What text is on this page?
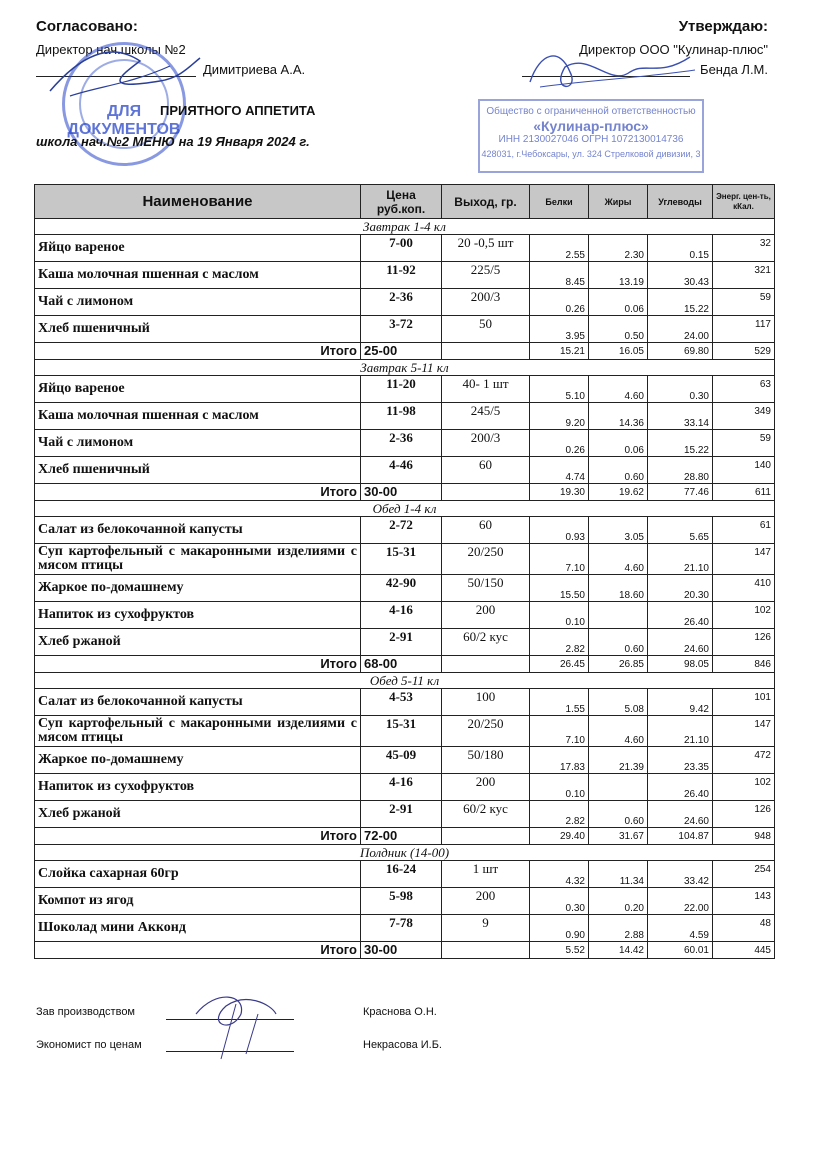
Согласовано:
Директор нач.школы №2
Димитриева А.А.
Утверждаю:
Директор ООО "Кулинар-плюс"
Бенда Л.М.
ДЛЯ ДОКУМЕНТОВ
ПРИЯТНОГО АППЕТИТА
школа нач.№2 МЕНЮ на 19 Января 2024 г.
Общество с ограниченной ответственностью
«Кулинар-плюс»
ИНН 2130027046 ОГРН 1072130014736
428031, г.Чебоксары, ул. 324 Стрелковой дивизии, 3
Наименование	Цена руб.коп.	Выход, гр.	Белки	Жиры	Углеводы	Энерг. цен-ть, кКал.
Завтрак 1-4 кл						
Яйцо вареное	7-00	20 -0,5 шт	2.55	2.30	0.15	32
Каша молочная пшенная с маслом	11-92	225/5	8.45	13.19	30.43	321
Чай с лимоном	2-36	200/3	0.26	0.06	15.22	59
Хлеб пшеничный	3-72	50	3.95	0.50	24.00	117
Итого	25-00		15.21	16.05	69.80	529
Завтрак 5-11 кл						
Яйцо вареное	11-20	40- 1 шт	5.10	4.60	0.30	63
Каша молочная пшенная с маслом	11-98	245/5	9.20	14.36	33.14	349
Чай с лимоном	2-36	200/3	0.26	0.06	15.22	59
Хлеб пшеничный	4-46	60	4.74	0.60	28.80	140
Итого	30-00		19.30	19.62	77.46	611
Обед 1-4 кл						
Салат из белокочанной капусты	2-72	60	0.93	3.05	5.65	61
Суп картофельный с макаронными изделиями с мясом птицы	15-31	20/250	7.10	4.60	21.10	147
Жаркое по-домашнему	42-90	50/150	15.50	18.60	20.30	410
Напиток из сухофруктов	4-16	200	0.10		26.40	102
Хлеб ржаной	2-91	60/2 кус	2.82	0.60	24.60	126
Итого	68-00		26.45	26.85	98.05	846
Обед 5-11 кл						
Салат из белокочанной капусты	4-53	100	1.55	5.08	9.42	101
Суп картофельный с макаронными изделиями с мясом птицы	15-31	20/250	7.10	4.60	21.10	147
Жаркое по-домашнему	45-09	50/180	17.83	21.39	23.35	472
Напиток из сухофруктов	4-16	200	0.10		26.40	102
Хлеб ржаной	2-91	60/2 кус	2.82	0.60	24.60	126
Итого	72-00		29.40	31.67	104.87	948
Полдник (14-00)						
Слойка сахарная 60гр	16-24	1 шт	4.32	11.34	33.42	254
Компот из ягод	5-98	200	0.30	0.20	22.00	143
Шоколад мини Акконд	7-78	9	0.90	2.88	4.59	48
Итого	30-00		5.52	14.42	60.01	445
Зав производством	Краснова О.Н.
Экономист по ценам	Некрасова И.Б.
